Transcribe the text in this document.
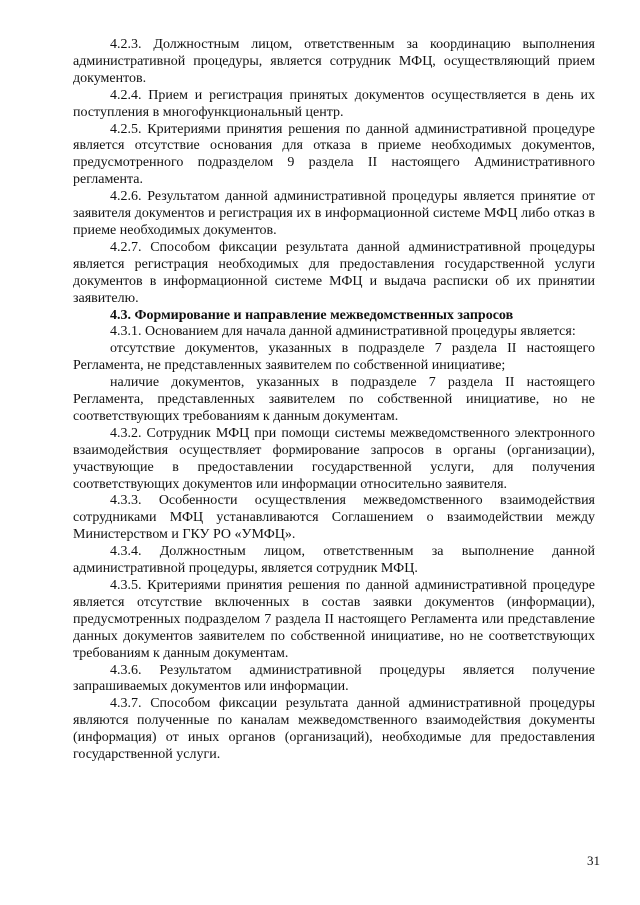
4.2.3. Должностным лицом, ответственным за координацию выполнения административной процедуры, является сотрудник МФЦ, осуществляющий прием документов.

4.2.4. Прием и регистрация принятых документов осуществляется в день их поступления в многофункциональный центр.

4.2.5. Критериями принятия решения по данной административной процедуре является отсутствие основания для отказа в приеме необходимых документов, предусмотренного подразделом 9 раздела II настоящего Административного регламента.

4.2.6. Результатом данной административной процедуры является принятие от заявителя документов и регистрация их в информационной системе МФЦ либо отказ в приеме необходимых документов.

4.2.7. Способом фиксации результата данной административной процедуры является регистрация необходимых для предоставления государственной услуги документов в информационной системе МФЦ и выдача расписки об их принятии заявителю.

4.3. Формирование и направление межведомственных запросов

4.3.1. Основанием для начала данной административной процедуры является:

отсутствие документов, указанных в подразделе 7 раздела II настоящего Регламента, не представленных заявителем по собственной инициативе;

наличие документов, указанных в подразделе 7 раздела II настоящего Регламента, представленных заявителем по собственной инициативе, но не соответствующих требованиям к данным документам.

4.3.2. Сотрудник МФЦ при помощи системы межведомственного электронного взаимодействия осуществляет формирование запросов в органы (организации), участвующие в предоставлении государственной услуги, для получения соответствующих документов или информации относительно заявителя.

4.3.3. Особенности осуществления межведомственного взаимодействия сотрудниками МФЦ устанавливаются Соглашением о взаимодействии между Министерством и ГКУ РО «УМФЦ».

4.3.4. Должностным лицом, ответственным за выполнение данной административной процедуры, является сотрудник МФЦ.

4.3.5. Критериями принятия решения по данной административной процедуре является отсутствие включенных в состав заявки документов (информации), предусмотренных подразделом 7 раздела II настоящего Регламента или представление данных документов заявителем по собственной инициативе, но не соответствующих требованиям к данным документам.

4.3.6. Результатом административной процедуры является получение запрашиваемых документов или информации.

4.3.7. Способом фиксации результата данной административной процедуры являются полученные по каналам межведомственного взаимодействия документы (информация) от иных органов (организаций), необходимые для предоставления государственной услуги.

31
